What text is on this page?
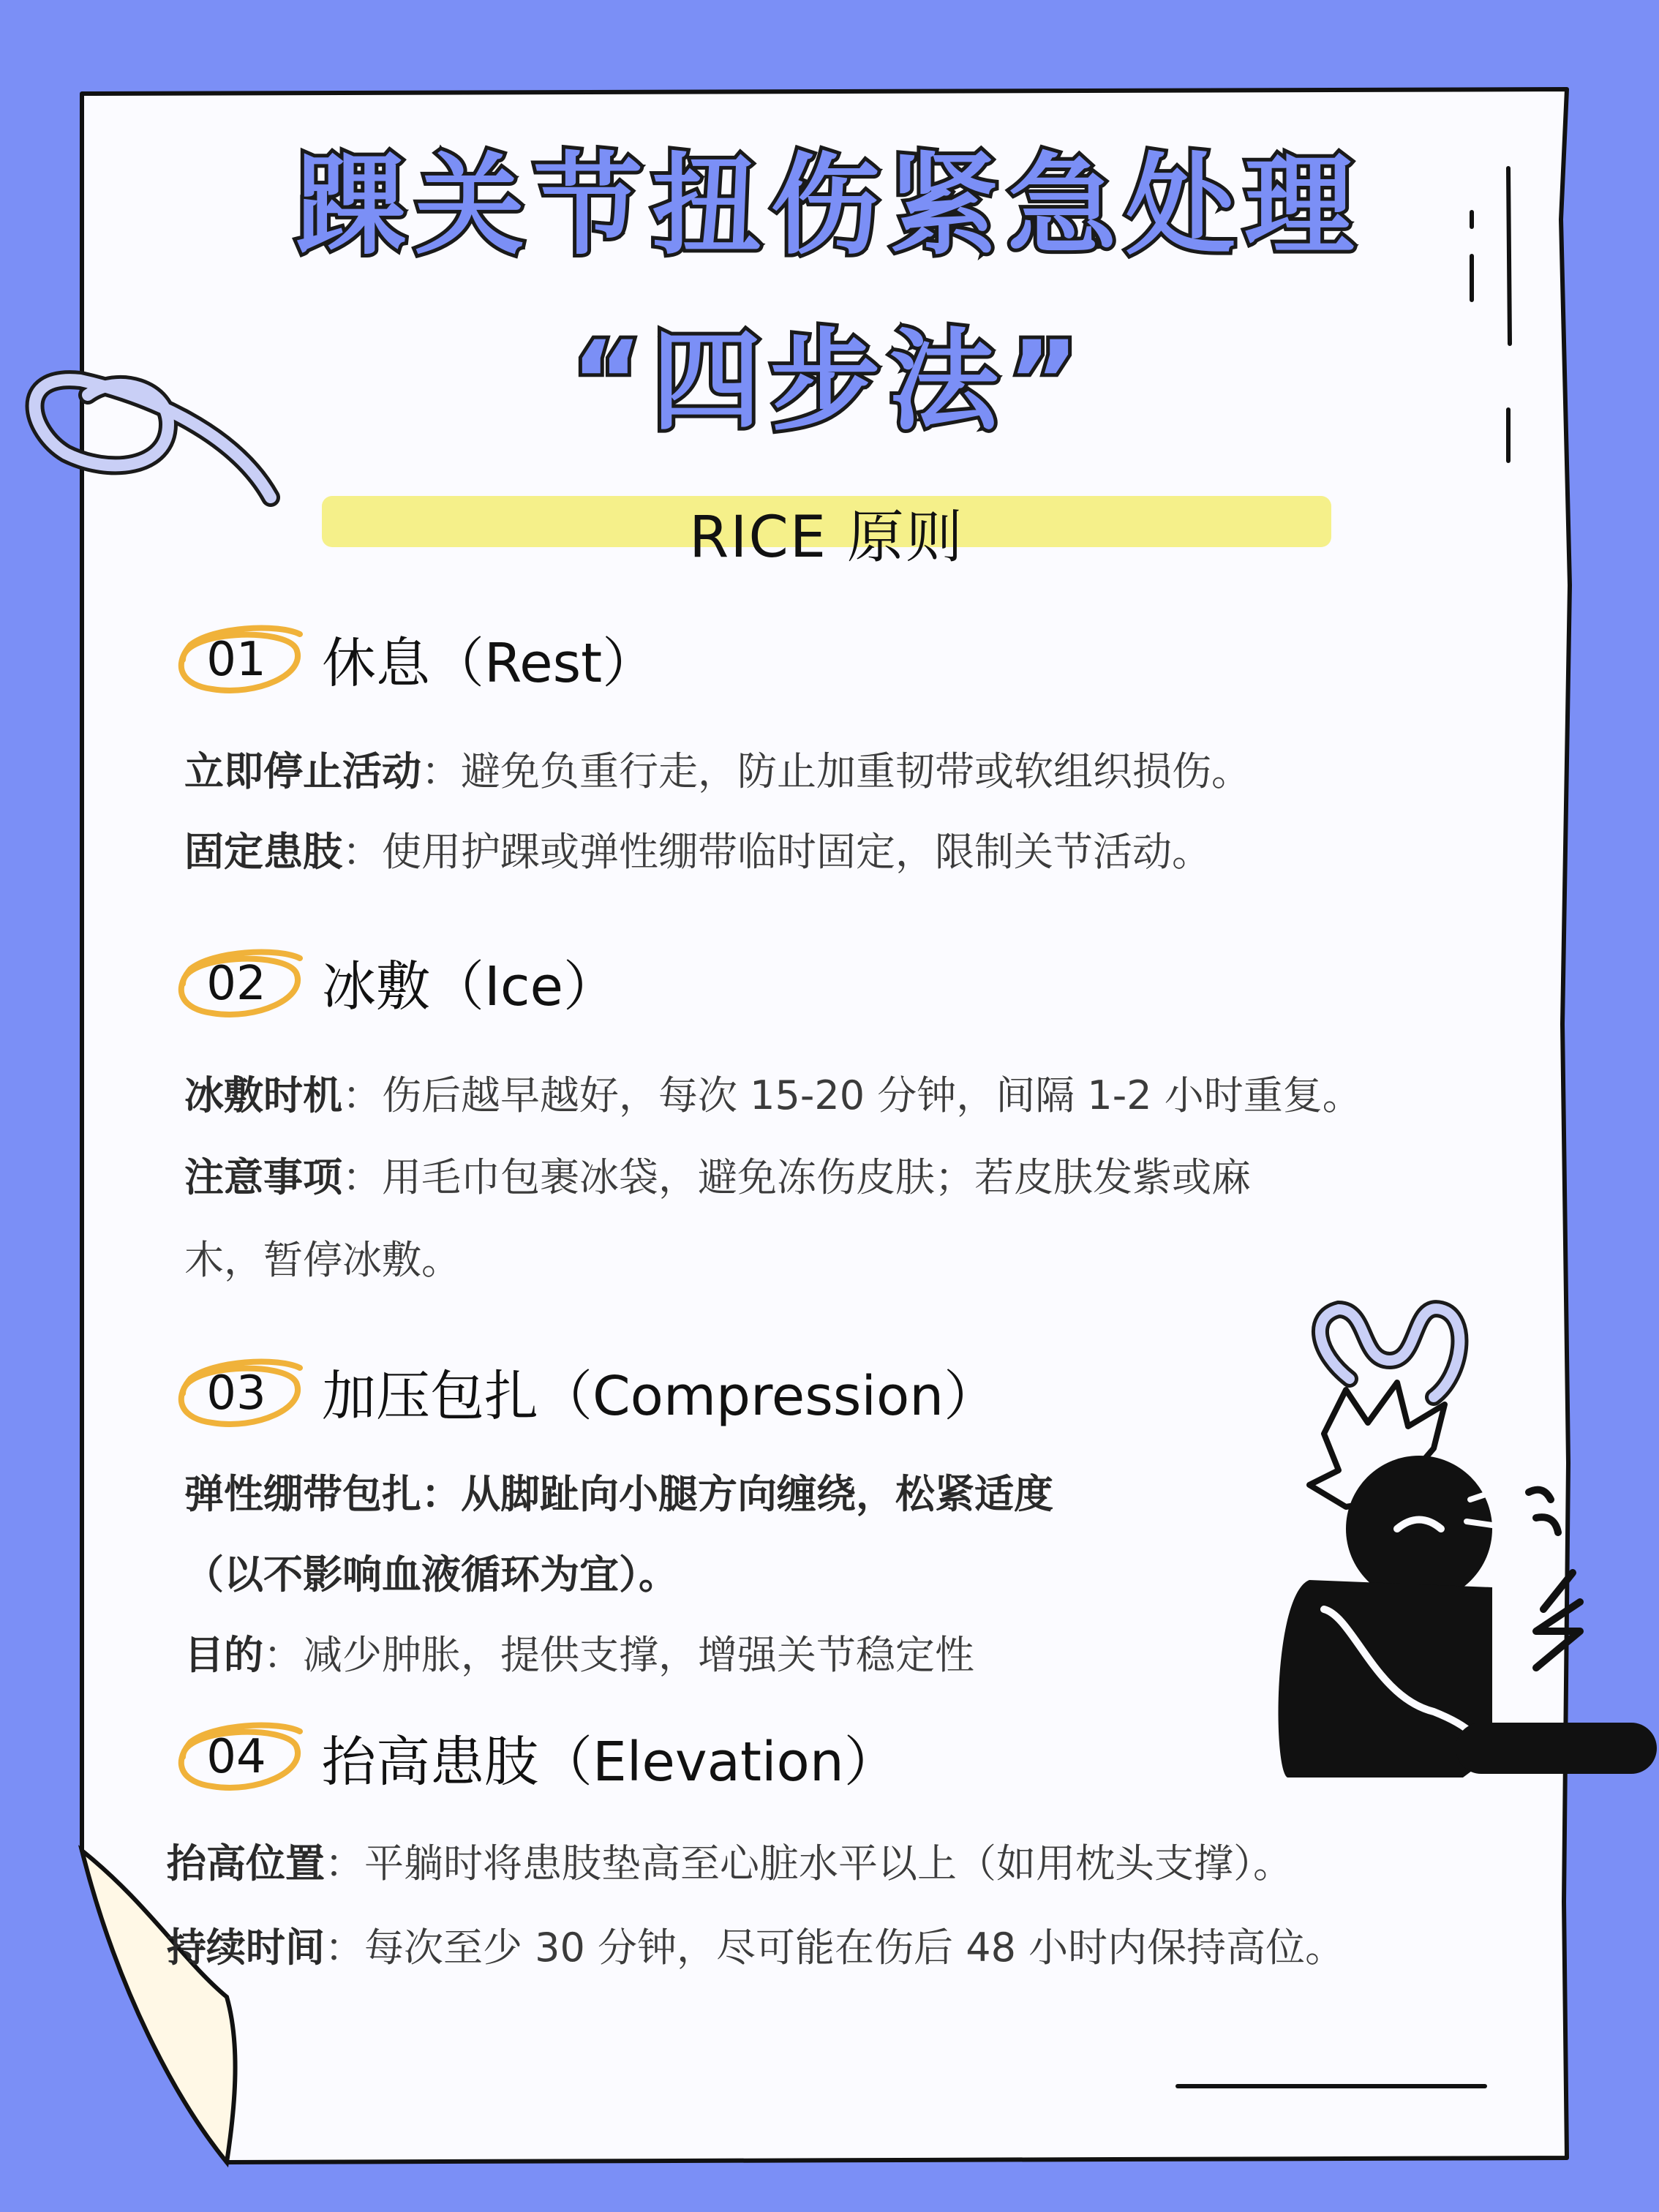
踝关节扭伤紧急处理
“四步法”
RICE 原则
01	休息（Rest）
立即停止活动：避免负重行走，防止加重韧带或软组织损伤。
固定患肢：使用护踝或弹性绷带临时固定，限制关节活动。
02	冰敷（Ice）
冰敷时机：伤后越早越好，每次 15-20 分钟，间隔 1-2 小时重复。
注意事项：用毛巾包裹冰袋，避免冻伤皮肤；若皮肤发紫或麻
木，暂停冰敷。
03	加压包扎（Compression）
弹性绷带包扎：从脚趾向小腿方向缠绕，松紧适度
（以不影响血液循环为宜）。
目的：减少肿胀，提供支撑，增强关节稳定性
04	抬高患肢（Elevation）
抬高位置：平躺时将患肢垫高至心脏水平以上（如用枕头支撑）。
持续时间：每次至少 30 分钟，尽可能在伤后 48 小时内保持高位。
